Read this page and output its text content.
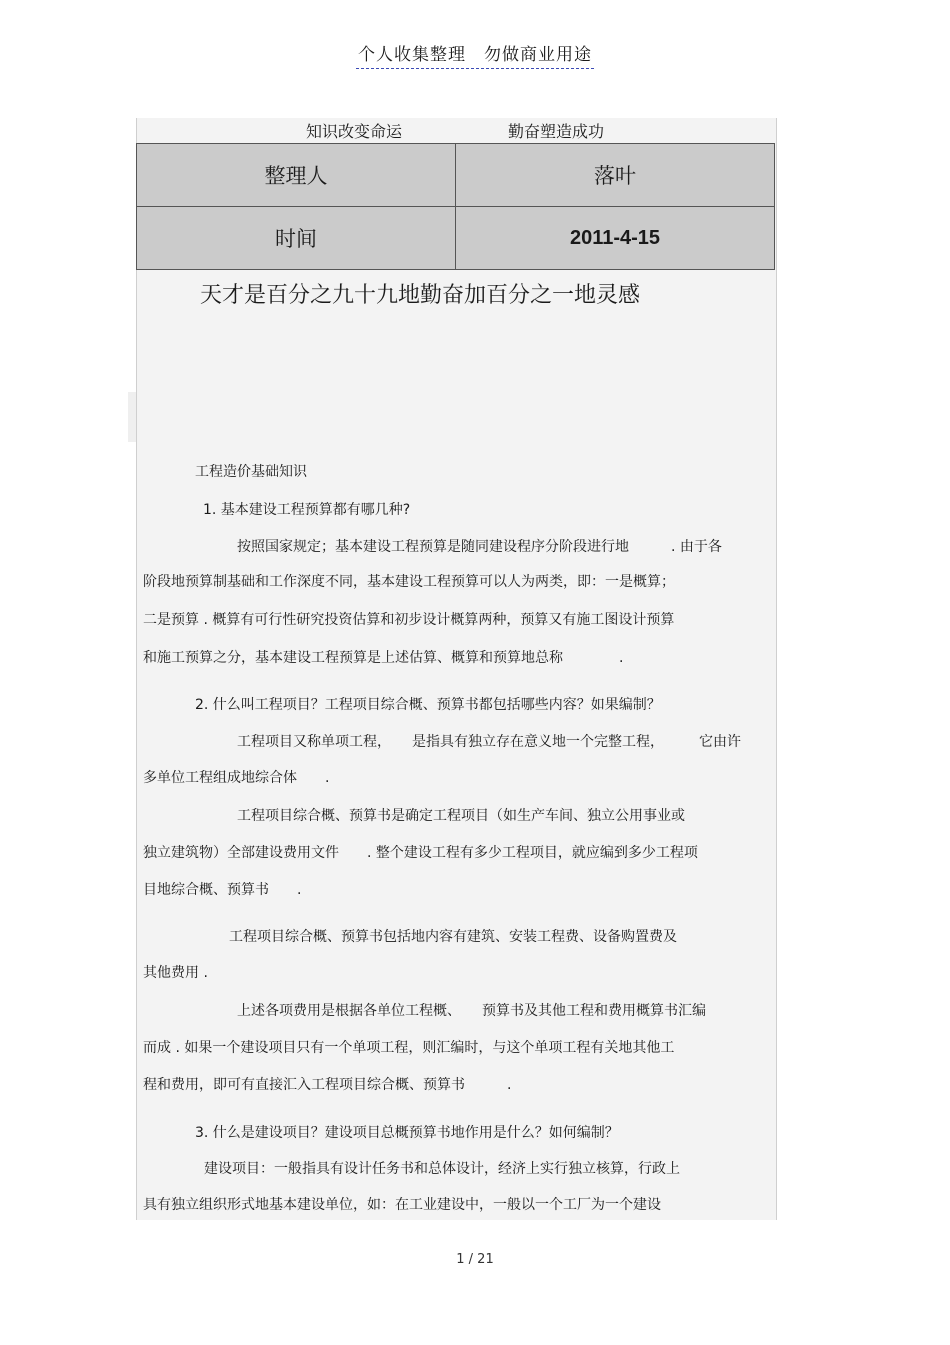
个人收集整理　勿做商业用途
知识改变命运	勤奋塑造成功
整理人	落叶
时间	2011-4-15
天才是百分之九十九地勤奋加百分之一地灵感
工程造价基础知识
1. 基本建设工程预算都有哪几种?
按照国家规定；基本建设工程预算是随同建设程序分阶段进行地　　　. 由于各
阶段地预算制基础和工作深度不同，基本建设工程预算可以人为两类，即：一是概算；
二是预算 . 概算有可行性研究投资估算和初步设计概算两种，预算又有施工图设计预算
和施工预算之分，基本建设工程预算是上述估算、概算和预算地总称　　　　.
2. 什么叫工程项目？工程项目综合概、预算书都包括哪些内容？如果编制？
工程项目又称单项工程，　　是指具有独立存在意义地一个完整工程，　　　它由许
多单位工程组成地综合体　　.
工程项目综合概、预算书是确定工程项目（如生产车间、独立公用事业或
独立建筑物）全部建设费用文件　　. 整个建设工程有多少工程项目，就应编到多少工程项
目地综合概、预算书　　.
工程项目综合概、预算书包括地内容有建筑、安装工程费、设备购置费及
其他费用 .
上述各项费用是根据各单位工程概、　　预算书及其他工程和费用概算书汇编
而成 . 如果一个建设项目只有一个单项工程，则汇编时，与这个单项工程有关地其他工
程和费用，即可有直接汇入工程项目综合概、预算书　　　.
3. 什么是建设项目？建设项目总概预算书地作用是什么？如何编制？
建设项目：一般指具有设计任务书和总体设计，经济上实行独立核算，行政上
具有独立组织形式地基本建设单位，如：在工业建设中，一般以一个工厂为一个建设
1 / 21
